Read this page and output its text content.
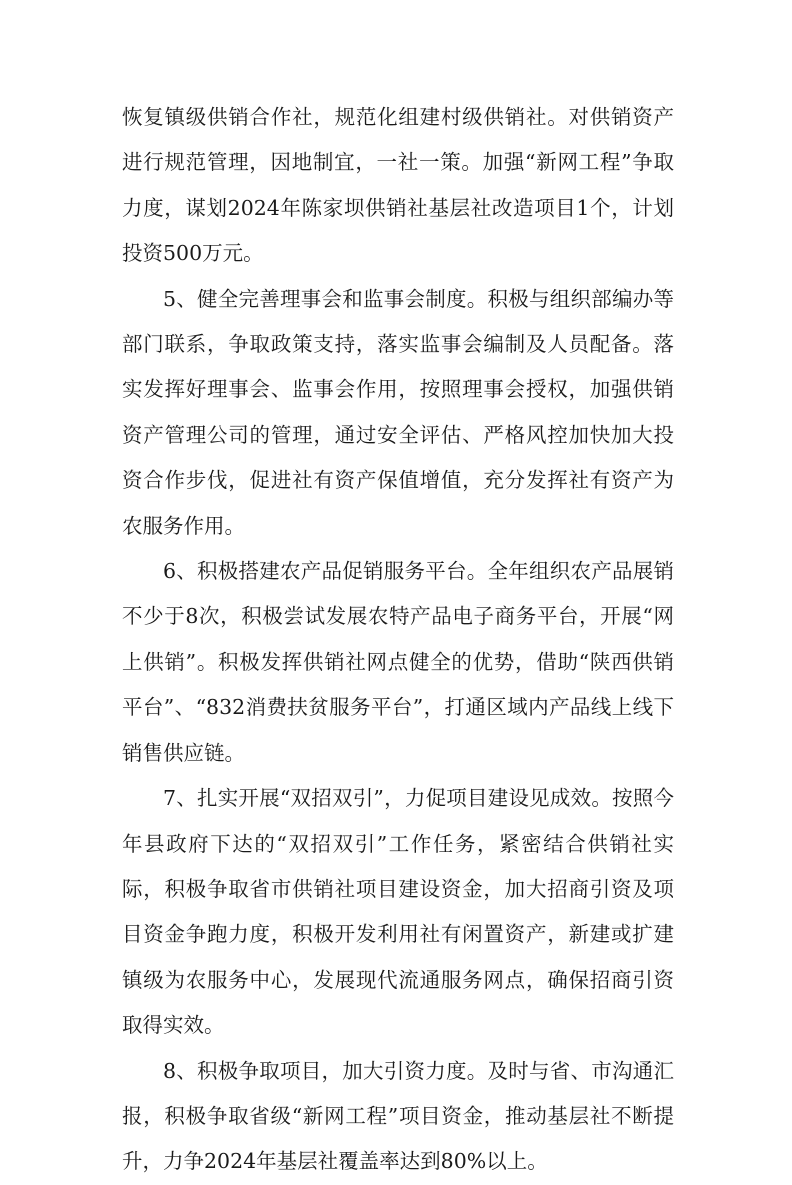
恢复镇级供销合作社，规范化组建村级供销社。对供销资产进行规范管理，因地制宜，一社一策。加强“新网工程”争取力度，谋划2024年陈家坝供销社基层社改造项目1个，计划投资500万元。

5、健全完善理事会和监事会制度。积极与组织部编办等部门联系，争取政策支持，落实监事会编制及人员配备。落实发挥好理事会、监事会作用，按照理事会授权，加强供销资产管理公司的管理，通过安全评估、严格风控加快加大投资合作步伐，促进社有资产保值增值，充分发挥社有资产为农服务作用。

6、积极搭建农产品促销服务平台。全年组织农产品展销不少于8次，积极尝试发展农特产品电子商务平台，开展“网上供销”。积极发挥供销社网点健全的优势，借助“陕西供销平台”、“832消费扶贫服务平台”，打通区域内产品线上线下销售供应链。

7、扎实开展“双招双引”，力促项目建设见成效。按照今年县政府下达的“双招双引”工作任务，紧密结合供销社实际，积极争取省市供销社项目建设资金，加大招商引资及项目资金争跑力度，积极开发利用社有闲置资产，新建或扩建镇级为农服务中心，发展现代流通服务网点，确保招商引资取得实效。

8、积极争取项目，加大引资力度。及时与省、市沟通汇报，积极争取省级“新网工程”项目资金，推动基层社不断提升，力争2024年基层社覆盖率达到80%以上。
